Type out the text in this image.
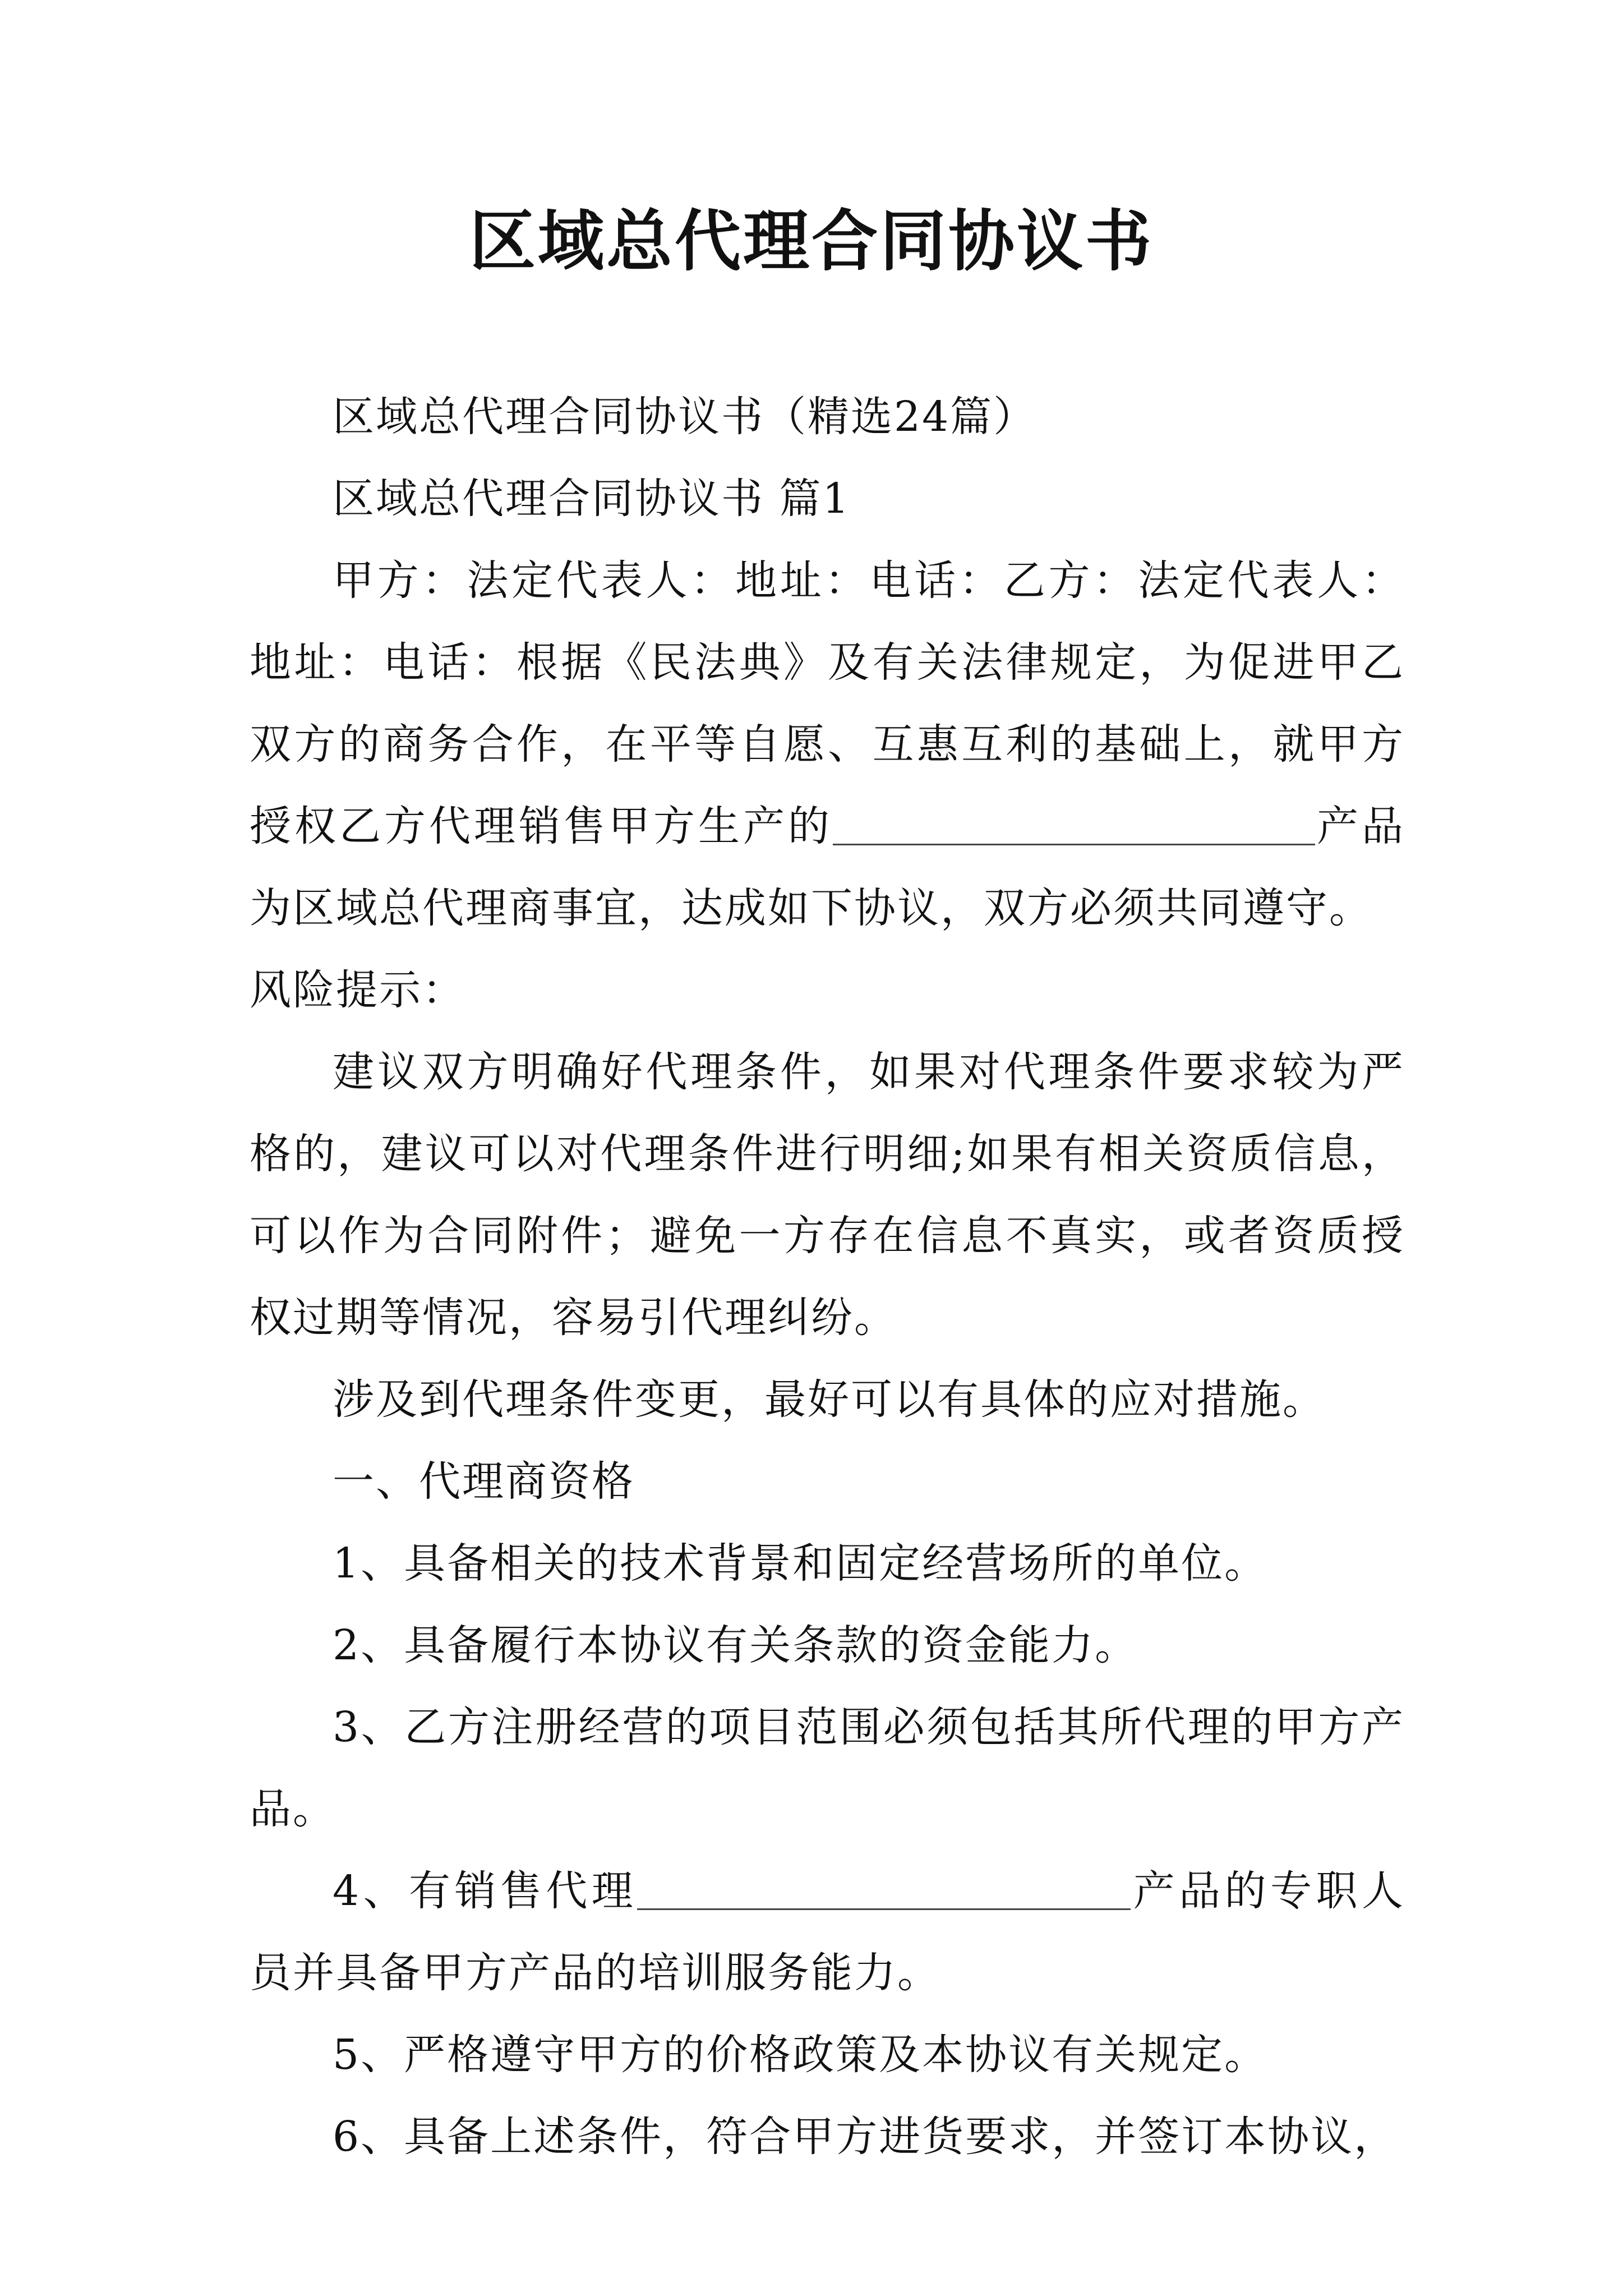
区域总代理合同协议书

区域总代理合同协议书（精选24篇）

区域总代理合同协议书 篇1

甲方：法定代表人：地址：电话：乙方：法定代表人：地址：电话：根据《民法典》及有关法律规定，为促进甲乙双方的商务合作，在平等自愿、互惠互利的基础上，就甲方授权乙方代理销售甲方生产的	产品为区域总代理商事宜，达成如下协议，双方必须共同遵守。

风险提示：

建议双方明确好代理条件，如果对代理条件要求较为严格的，建议可以对代理条件进行明细;如果有相关资质信息，可以作为合同附件；避免一方存在信息不真实，或者资质授权过期等情况，容易引代理纠纷。

涉及到代理条件变更，最好可以有具体的应对措施。

一、代理商资格

1、具备相关的技术背景和固定经营场所的单位。

2、具备履行本协议有关条款的资金能力。

3、乙方注册经营的项目范围必须包括其所代理的甲方产品。

4、有销售代理	产品的专职人员并具备甲方产品的培训服务能力。

5、严格遵守甲方的价格政策及本协议有关规定。

6、具备上述条件，符合甲方进货要求，并签订本协议，
